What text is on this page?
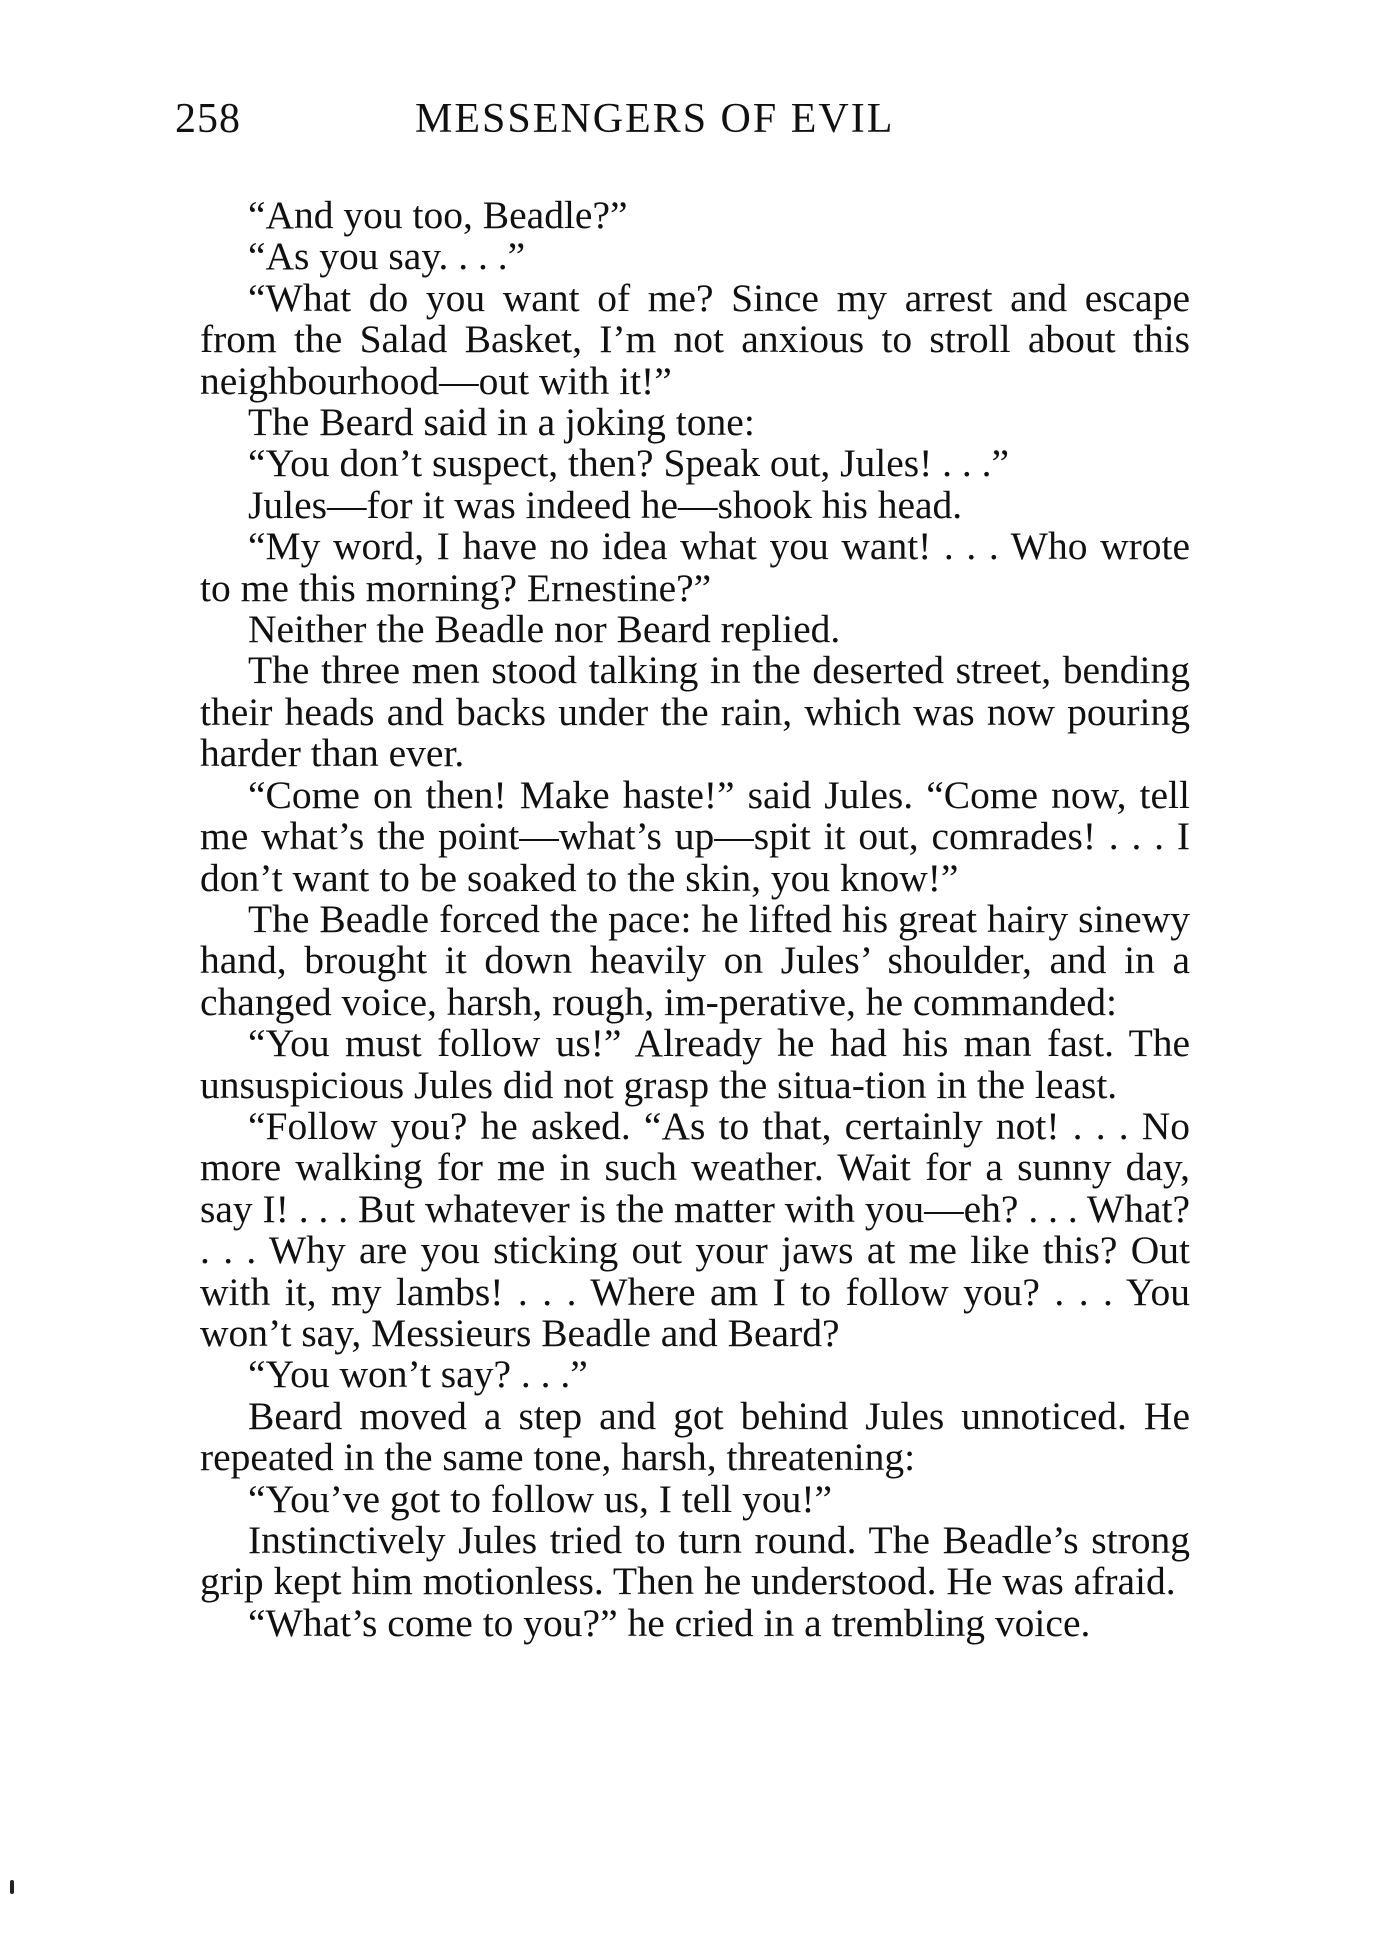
258	MESSENGERS OF EVIL

“And you too, Beadle?”

“As you say. . . .”

“What do you want of me? Since my arrest and escape from the Salad Basket, I’m not anxious to stroll about this neighbourhood—out with it!”

The Beard said in a joking tone:

“You don’t suspect, then? Speak out, Jules! . . .”

Jules—for it was indeed he—shook his head.

“My word, I have no idea what you want! . . . Who wrote to me this morning? Ernestine?”

Neither the Beadle nor Beard replied.

The three men stood talking in the deserted street, bending their heads and backs under the rain, which was now pouring harder than ever.

“Come on then! Make haste!” said Jules. “Come now, tell me what’s the point—what’s up—spit it out, comrades! . . . I don’t want to be soaked to the skin, you know!”

The Beadle forced the pace: he lifted his great hairy sinewy hand, brought it down heavily on Jules’ shoulder, and in a changed voice, harsh, rough, im-perative, he commanded:

“You must follow us!” Already he had his man fast. The unsuspicious Jules did not grasp the situa-tion in the least.

“Follow you? he asked. “As to that, certainly not! . . . No more walking for me in such weather. Wait for a sunny day, say I! . . . But whatever is the matter with you—eh? . . . What? . . . Why are you sticking out your jaws at me like this? Out with it, my lambs! . . . Where am I to follow you? . . . You won’t say, Messieurs Beadle and Beard?

“You won’t say? . . .”

Beard moved a step and got behind Jules unnoticed. He repeated in the same tone, harsh, threatening:

“You’ve got to follow us, I tell you!”

Instinctively Jules tried to turn round. The Beadle’s strong grip kept him motionless. Then he understood. He was afraid.

“What’s come to you?” he cried in a trembling voice.
